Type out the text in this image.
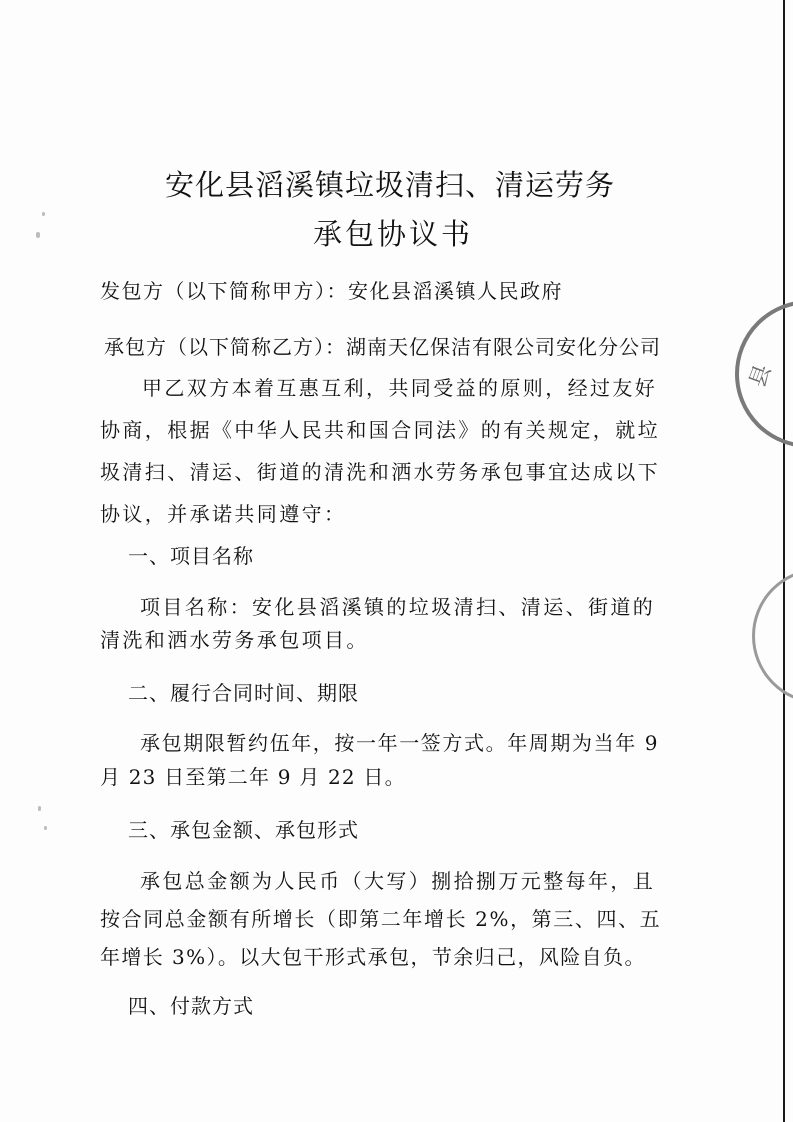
县
安化县滔溪镇垃圾清扫、清运劳务
承包协议书
发包方（以下简称甲方）：安化县滔溪镇人民政府
承包方（以下简称乙方）：湖南天亿保洁有限公司安化分公司
甲乙双方本着互惠互利，共同受益的原则，经过友好
协商，根据《中华人民共和国合同法》的有关规定，就垃
圾清扫、清运、街道的清洗和洒水劳务承包事宜达成以下
协议，并承诺共同遵守：
一、项目名称
项目名称：安化县滔溪镇的垃圾清扫、清运、街道的
清洗和洒水劳务承包项目。
二、履行合同时间、期限
承包期限暂约伍年，按一年一签方式。年周期为当年 9
月 23 日至第二年 9 月 22 日。
三、承包金额、承包形式
承包总金额为人民币（大写）捌拾捌万元整每年，且
按合同总金额有所增长（即第二年增长 2%，第三、四、五
年增长 3%）。以大包干形式承包，节余归己，风险自负。
四、付款方式
